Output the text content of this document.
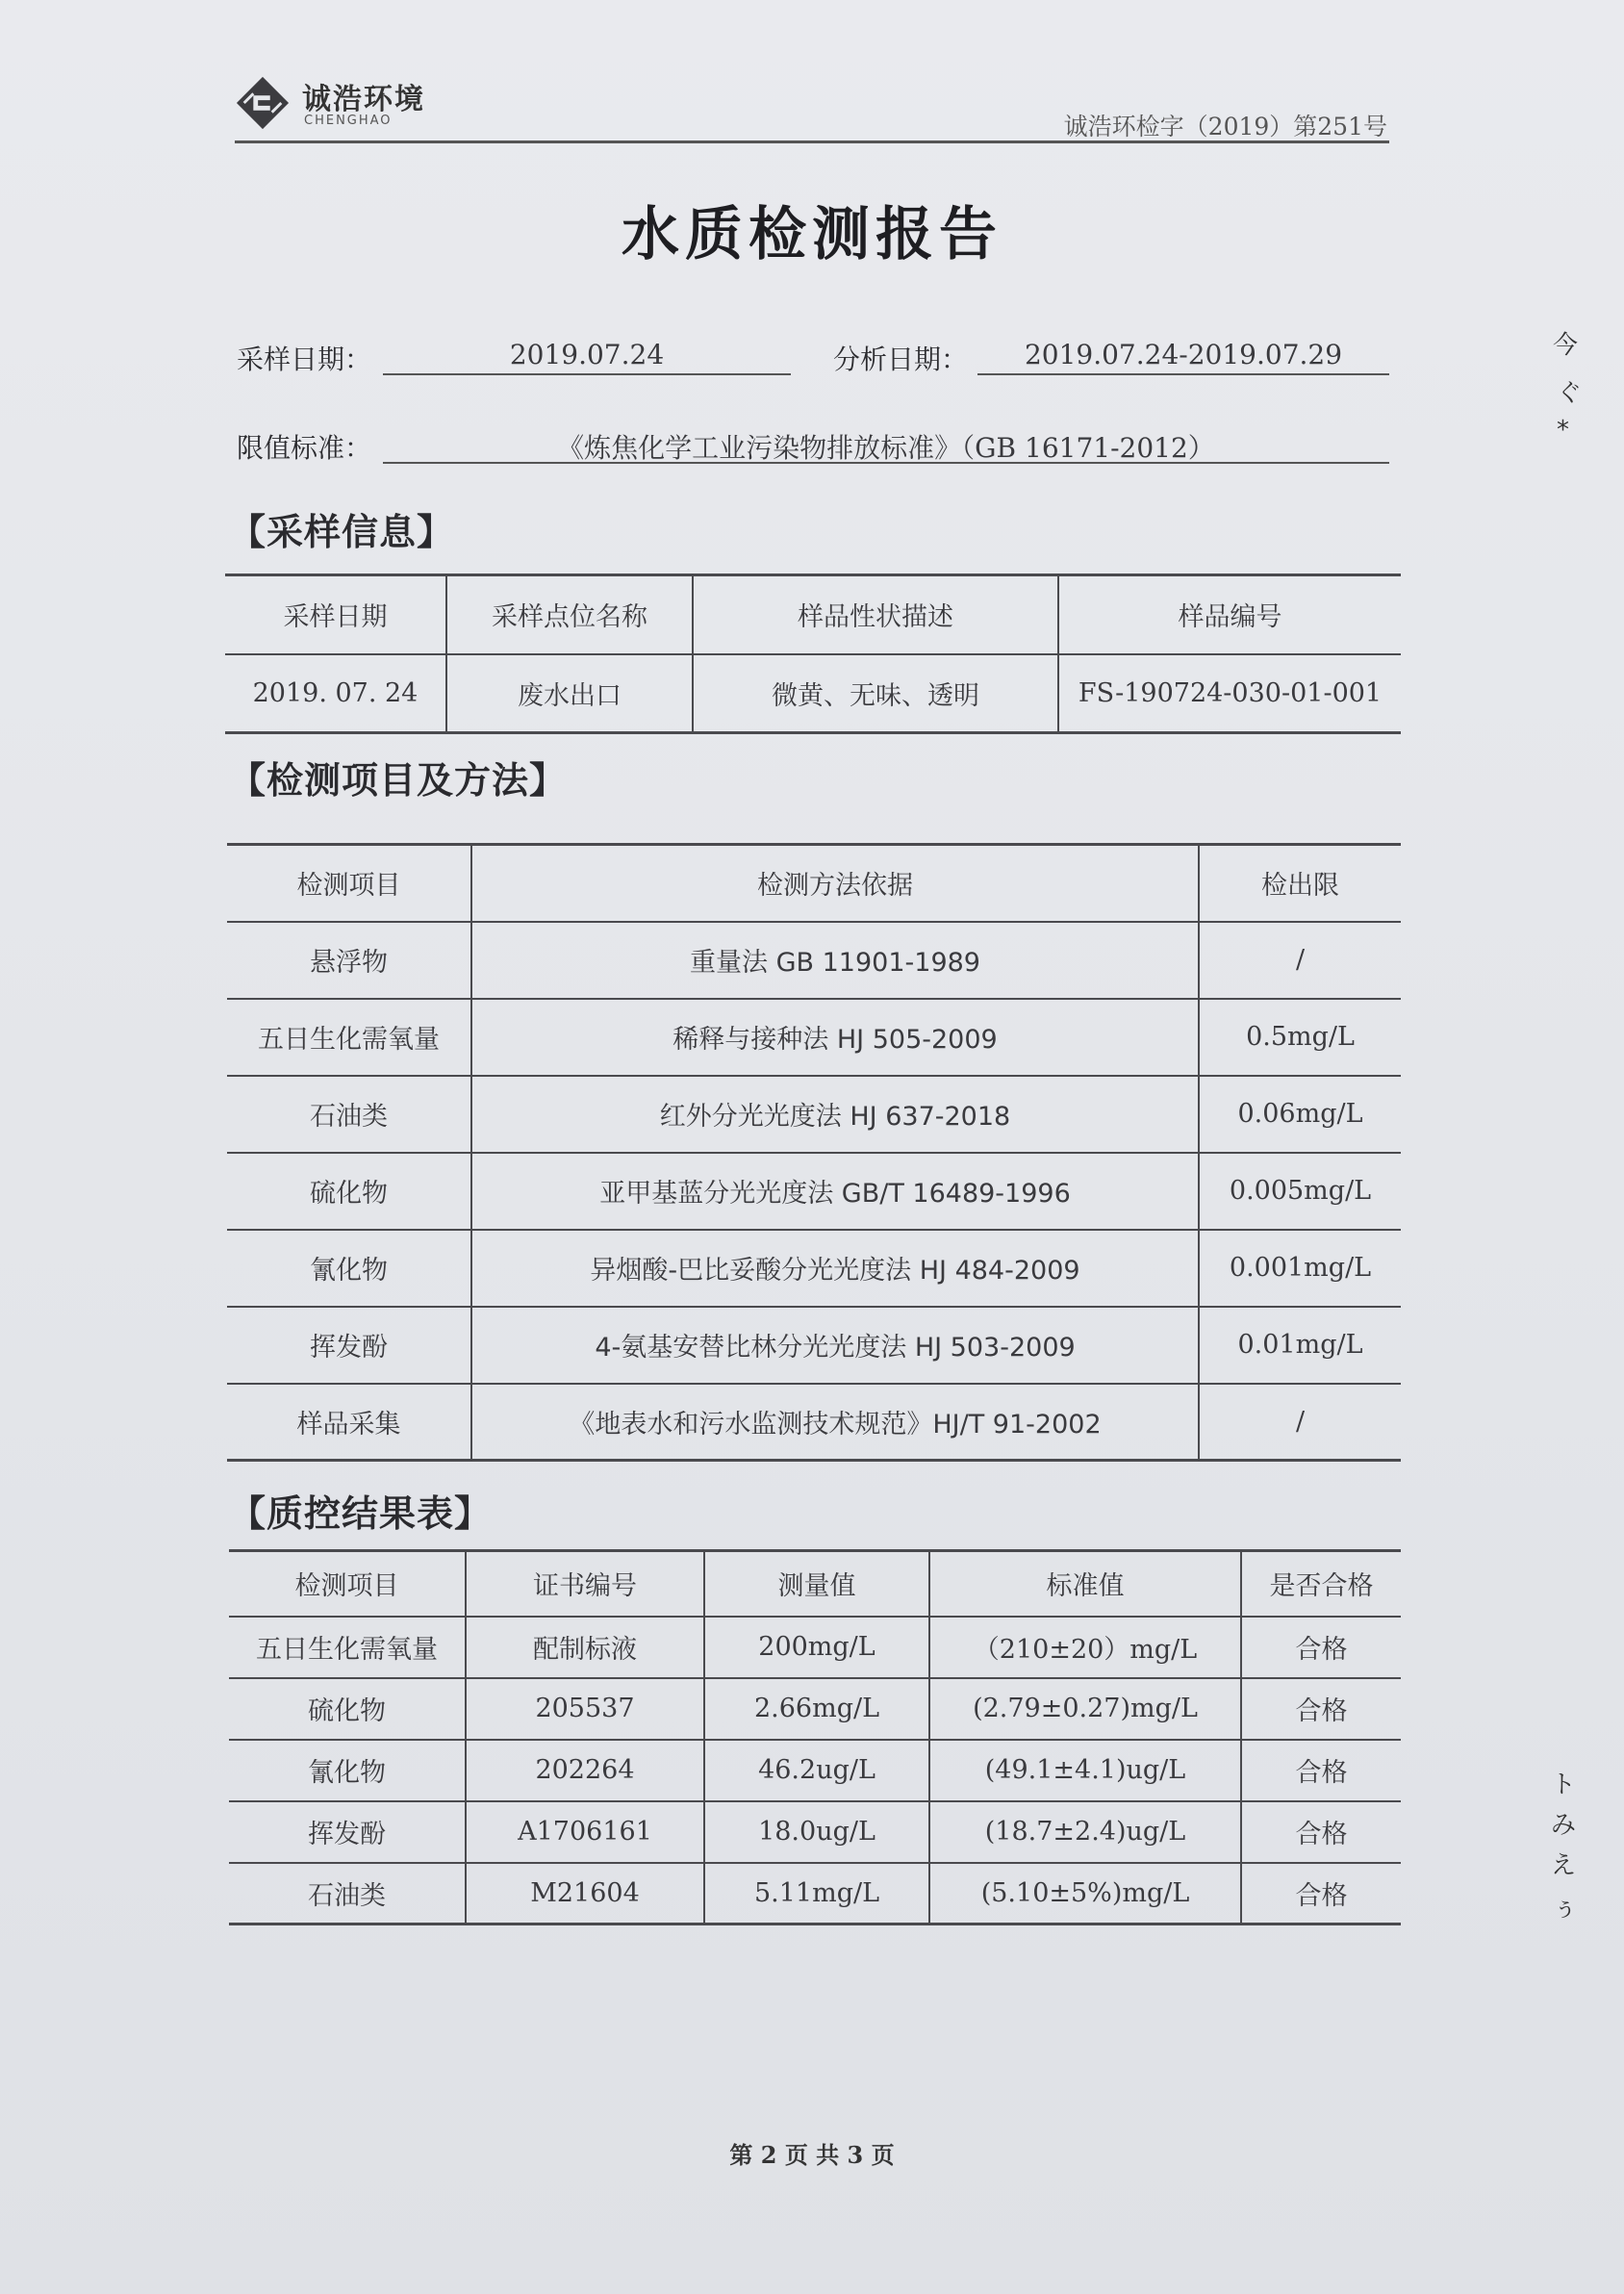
诚浩环境
CHENGHAO	诚浩环检字（2019）第251号
水质检测报告
采样日期：	2019.07.24	分析日期：	2019.07.24-2019.07.29
限值标准：	《炼焦化学工业污染物排放标准》（GB 16171-2012）
【采样信息】
采样日期	采样点位名称	样品性状描述	样品编号
2019. 07. 24	废水出口	微黄、无味、透明	FS-190724-030-01-001
【检测项目及方法】
检测项目	检测方法依据	检出限
悬浮物	重量法 GB 11901-1989	/
五日生化需氧量	稀释与接种法 HJ 505-2009	0.5mg/L
石油类	红外分光光度法 HJ 637-2018	0.06mg/L
硫化物	亚甲基蓝分光光度法 GB/T 16489-1996	0.005mg/L
氰化物	异烟酸-巴比妥酸分光光度法 HJ 484-2009	0.001mg/L
挥发酚	4-氨基安替比林分光光度法 HJ 503-2009	0.01mg/L
样品采集	《地表水和污水监测技术规范》HJ/T 91-2002	/
【质控结果表】
检测项目	证书编号	测量值	标准值	是否合格
五日生化需氧量	配制标液	200mg/L	（210±20）mg/L	合格
硫化物	205537	2.66mg/L	(2.79±0.27)mg/L	合格
氰化物	202264	46.2ug/L	(49.1±4.1)ug/L	合格
挥发酚	A1706161	18.0ug/L	(18.7±2.4)ug/L	合格
石油类	M21604	5.11mg/L	(5.10±5%)mg/L	合格
第 2 页 共 3 页
今
ぐ
*
ト
み
え
ぅ
